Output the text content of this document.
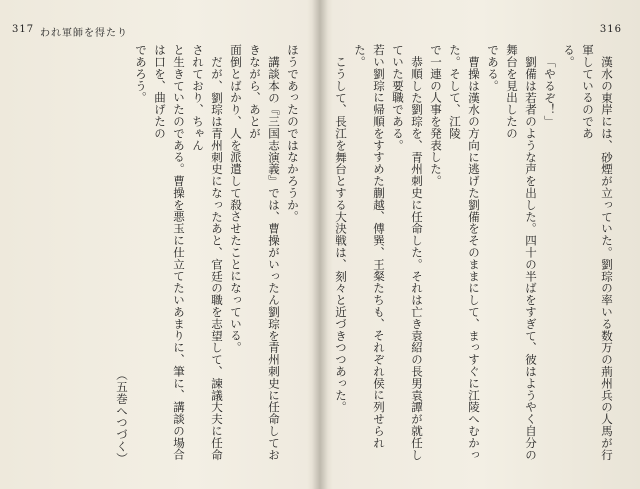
317 われ軍師を得たり	316

漢水の東岸には、砂煙が立っていた。劉琮の率いる数万の荊州兵の人馬が行軍しているのであ

る。

「やるぞ！」

劉備は若者のような声を出した。四十の半ばをすぎて、彼はようやく自分の舞台を見出したの

である。

曹操は漢水の方向に逃げた劉備をそのままにして、まっすぐに江陵へむかった。そして、江陵

で一連の人事を発表した。

恭順した劉琮を、青州刺史に任命した。それは亡き袁紹の長男袁譚が就任していた要職である。

若い劉琮に帰順をすすめた蒯越、傅巽、王粲たちも、それぞれ侯に列せられた。

こうして、長江を舞台とする大決戦は、刻々と近づきつつあった。

ほうであったのではなかろうか。

講談本の『三国志演義』では、曹操がいったん劉琮を青州刺史に任命しておきながら、あとが

面倒とばかり、人を派遣して殺させたことになっている。

だが、劉琮は青州刺史になったあと、官廷の職を志望して、諫議大夫に任命されており、ちゃん

と生きていたのである。曹操を悪玉に仕立てたいあまりに、筆に、講談の場合は口を、曲げたの

であろう。

（五巻へつづく）
